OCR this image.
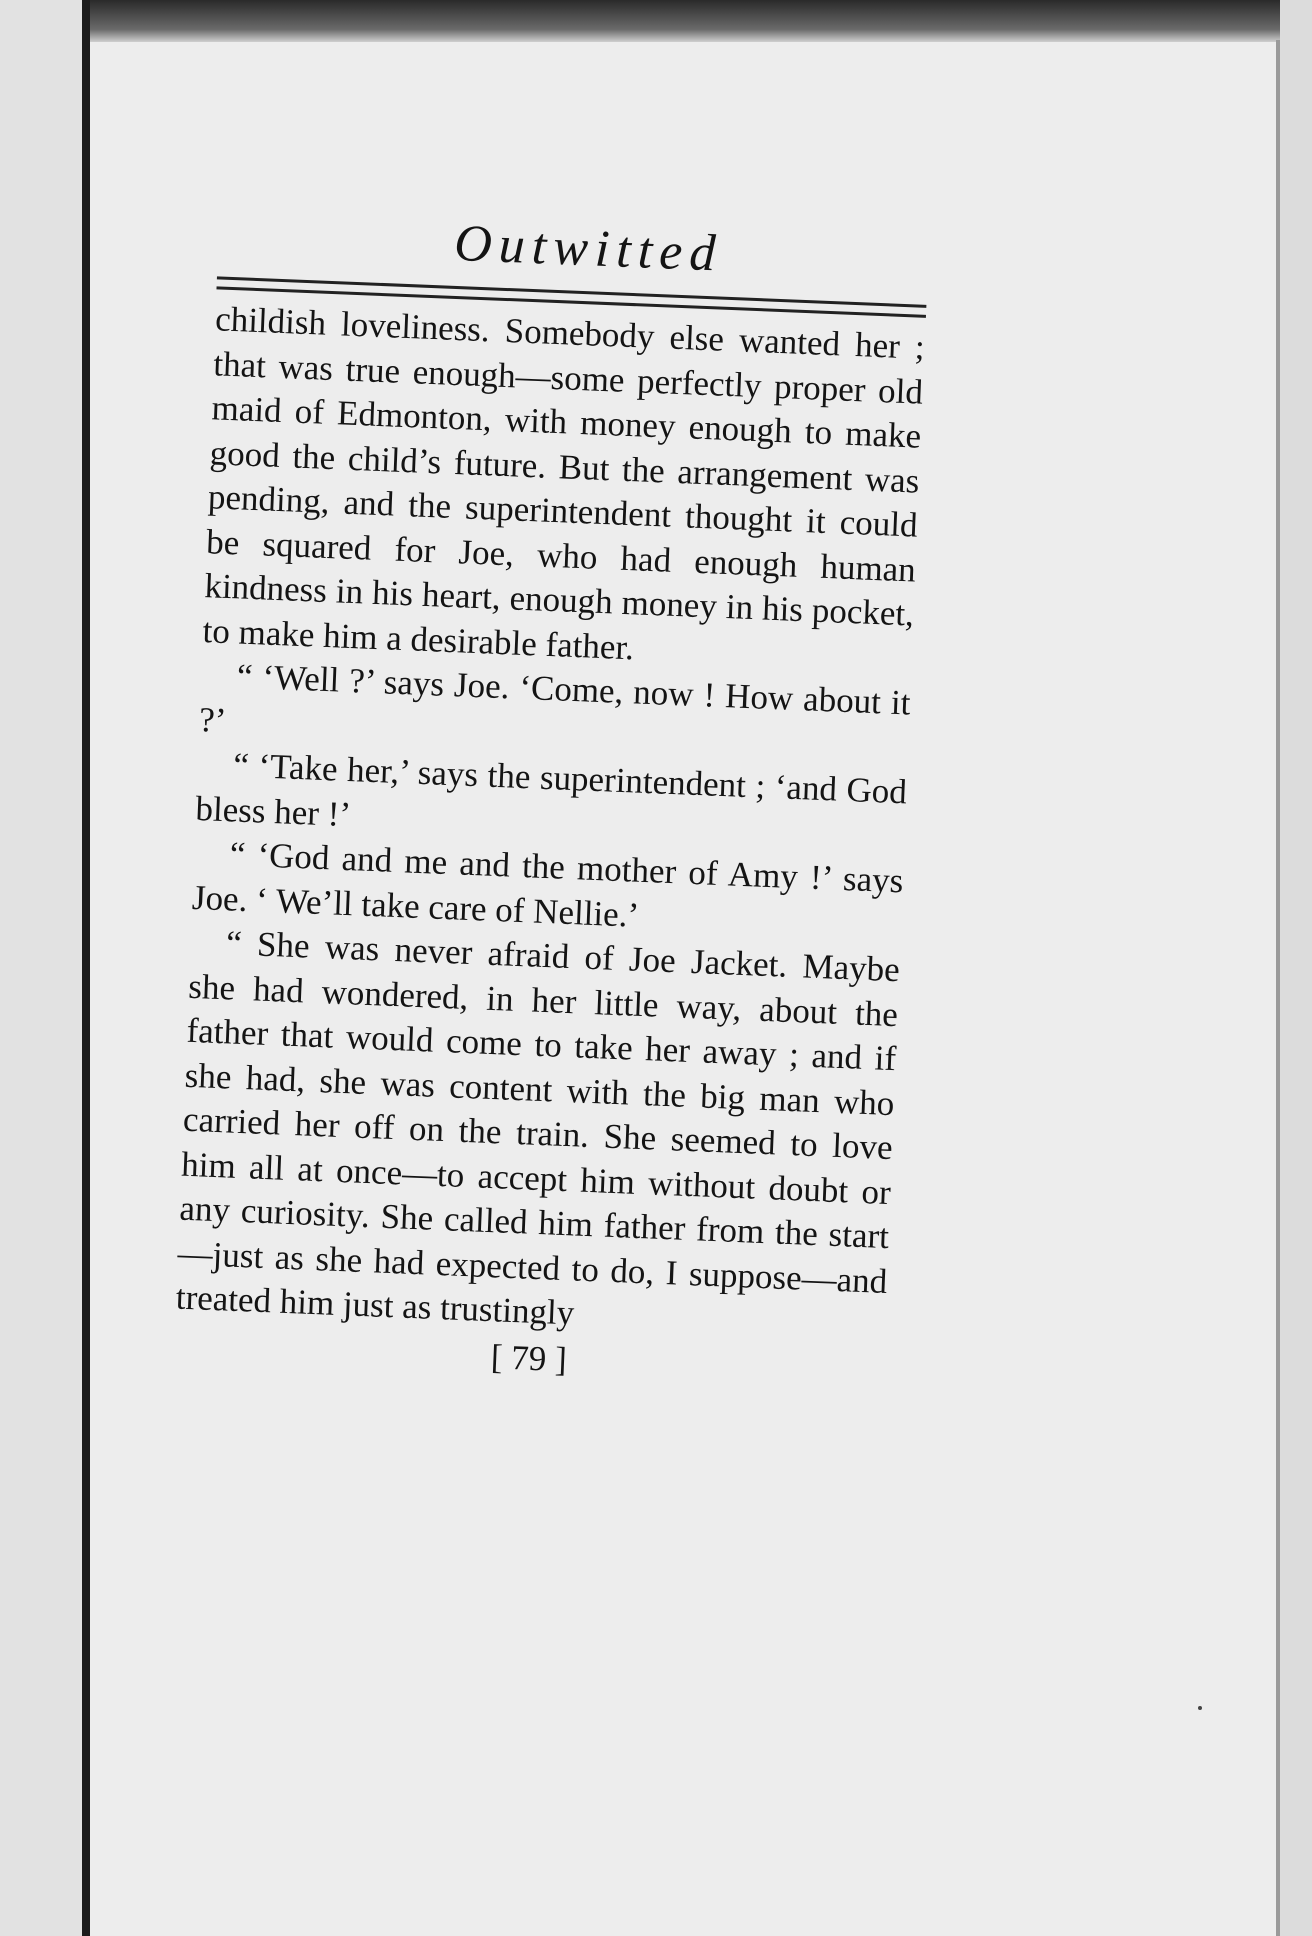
Outwitted

childish loveliness. Somebody else wanted her ; that was true enough—some perfectly proper old maid of Edmonton, with money enough to make good the child’s future. But the arrangement was pending, and the superintendent thought it could be squared for Joe, who had enough human kindness in his heart, enough money in his pocket, to make him a desirable father.

“ ‘Well ?’ says Joe. ‘Come, now ! How about it ?’

“ ‘Take her,’ says the superintendent ; ‘and God bless her !’

“ ‘God and me and the mother of Amy !’ says Joe. ‘ We’ll take care of Nellie.’

“ She was never afraid of Joe Jacket. Maybe she had wondered, in her little way, about the father that would come to take her away ; and if she had, she was content with the big man who carried her off on the train. She seemed to love him all at once—to accept him without doubt or any curiosity. She called him father from the start—just as she had expected to do, I suppose—and treated him just as trustingly

[ 79 ]
